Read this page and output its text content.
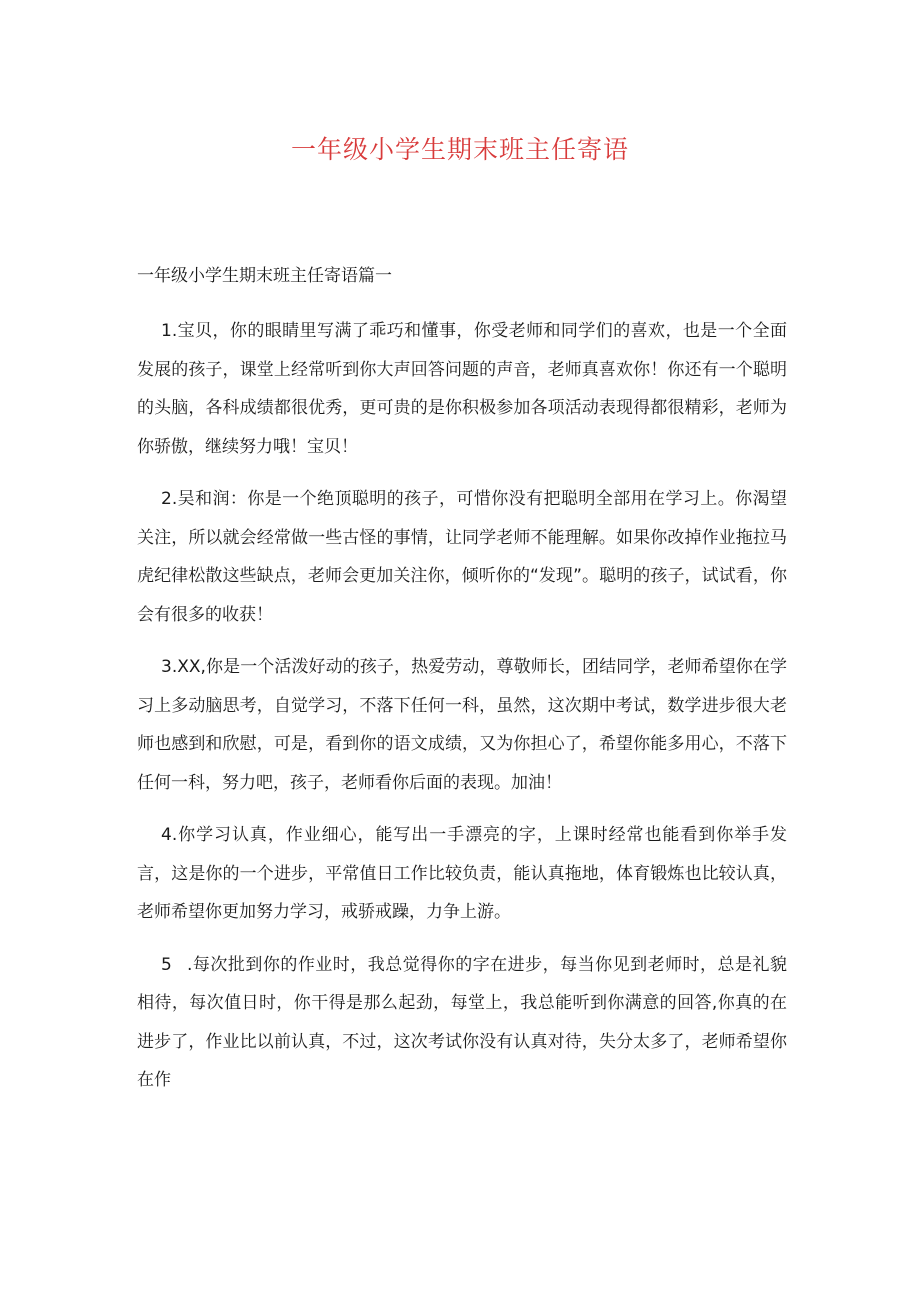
一年级小学生期末班主任寄语
一年级小学生期末班主任寄语篇一

1.宝贝，你的眼睛里写满了乖巧和懂事，你受老师和同学们的喜欢，也是一个全面发展的孩子，课堂上经常听到你大声回答问题的声音，老师真喜欢你！你还有一个聪明的头脑，各科成绩都很优秀，更可贵的是你积极参加各项活动表现得都很精彩，老师为你骄傲，继续努力哦！宝贝！

2.吴和润：你是一个绝顶聪明的孩子，可惜你没有把聪明全部用在学习上。你渴望关注，所以就会经常做一些古怪的事情，让同学老师不能理解。如果你改掉作业拖拉马虎纪律松散这些缺点，老师会更加关注你，倾听你的“发现”。聪明的孩子，试试看，你会有很多的收获！

3.XX,你是一个活泼好动的孩子，热爱劳动，尊敬师长，团结同学，老师希望你在学习上多动脑思考，自觉学习，不落下任何一科，虽然，这次期中考试，数学进步很大老师也感到和欣慰，可是，看到你的语文成绩，又为你担心了，希望你能多用心，不落下任何一科，努力吧，孩子，老师看你后面的表现。加油！

4.你学习认真，作业细心，能写出一手漂亮的字，上课时经常也能看到你举手发言，这是你的一个进步，平常值日工作比较负责，能认真拖地，体育锻炼也比较认真，老师希望你更加努力学习，戒骄戒躁，力争上游。

5 .每次批到你的作业时，我总觉得你的字在进步，每当你见到老师时，总是礼貌相待，每次值日时，你干得是那么起劲，每堂上，我总能听到你满意的回答,你真的在进步了，作业比以前认真，不过，这次考试你没有认真对待，失分太多了，老师希望你在作
